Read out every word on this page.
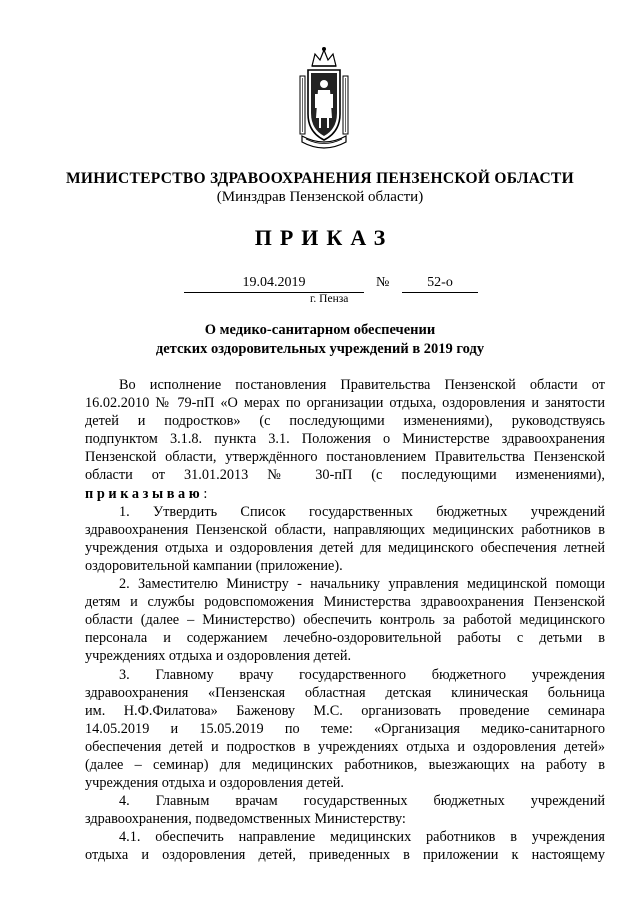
МИНИСТЕРСТВО ЗДРАВООХРАНЕНИЯ ПЕНЗЕНСКОЙ ОБЛАСТИ
(Минздрав Пензенской области)
ПРИКАЗ
19.04.2019	№	52-о
г. Пенза
О медико-санитарном обеспечении
детских оздоровительных учреждений в 2019 году

Во исполнение постановления Правительства Пензенской области от

16.02.2010 № 79-пП «О мерах по организации отдыха, оздоровления и занятости

детей и подростков» (с последующими изменениями), руководствуясь

подпунктом 3.1.8. пункта 3.1. Положения о Министерстве здравоохранения

Пензенской области, утверждённого постановлением Правительства Пензенской

области от 31.01.2013 № 30-пП (с последующими изменениями),

приказываю:

1. Утвердить Список государственных бюджетных учреждений

здравоохранения Пензенской области, направляющих медицинских работников в

учреждения отдыха и оздоровления детей для медицинского обеспечения летней

оздоровительной кампании (приложение).

2. Заместителю Министру - начальнику управления медицинской помощи

детям и службы родовспоможения Министерства здравоохранения Пензенской

области (далее – Министерство) обеспечить контроль за работой медицинского

персонала и содержанием лечебно-оздоровительной работы с детьми в

учреждениях отдыха и оздоровления детей.

3. Главному врачу государственного бюджетного учреждения

здравоохранения «Пензенская областная детская клиническая больница

им. Н.Ф.Филатова» Баженову М.С. организовать проведение семинара

14.05.2019 и 15.05.2019 по теме: «Организация медико-санитарного

обеспечения детей и подростков в учреждениях отдыха и оздоровления детей»

(далее – семинар) для медицинских работников, выезжающих на работу в

учреждения отдыха и оздоровления детей.

4. Главным врачам государственных бюджетных учреждений

здравоохранения, подведомственных Министерству:

4.1. обеспечить направление медицинских работников в учреждения

отдыха и оздоровления детей, приведенных в приложении к настоящему
